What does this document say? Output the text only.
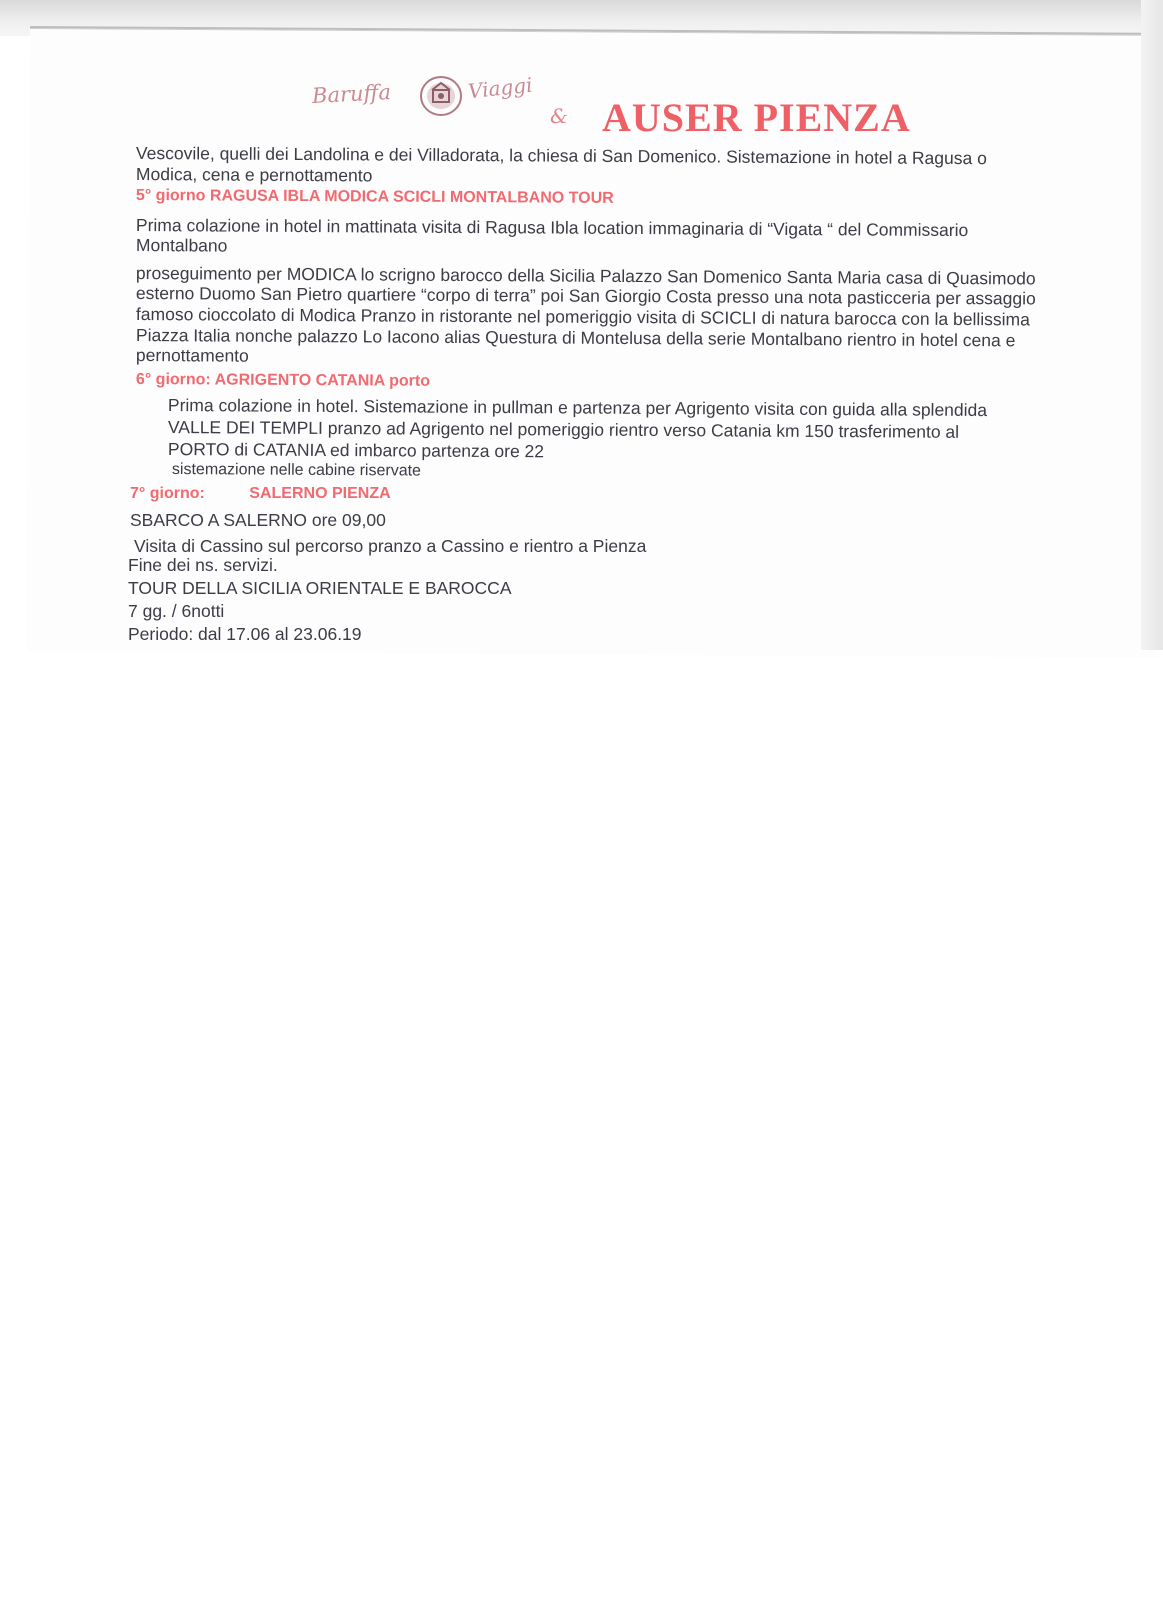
Baruffa	Viaggi
& AUSER PIENZA

Vescovile, quelli dei Landolina e dei Villadorata, la chiesa di San Domenico. Sistemazione in hotel a Ragusa o

Modica, cena e pernottamento

5° giorno RAGUSA IBLA MODICA SCICLI MONTALBANO TOUR

Prima colazione in hotel in mattinata visita di Ragusa Ibla location immaginaria di “Vigata “ del Commissario

Montalbano

proseguimento per MODICA lo scrigno barocco della Sicilia Palazzo San Domenico Santa Maria casa di Quasimodo

esterno Duomo San Pietro quartiere “corpo di terra” poi San Giorgio Costa presso una nota pasticceria per assaggio

famoso cioccolato di Modica Pranzo in ristorante nel pomeriggio visita di SCICLI di natura barocca con la bellissima

Piazza Italia nonche palazzo Lo Iacono alias Questura di Montelusa della serie Montalbano rientro in hotel cena e

pernottamento

6° giorno: AGRIGENTO CATANIA porto

Prima colazione in hotel. Sistemazione in pullman e partenza per Agrigento visita con guida alla splendida

VALLE DEI TEMPLI pranzo ad Agrigento nel pomeriggio rientro verso Catania km 150 trasferimento al

PORTO di CATANIA ed imbarco partenza ore 22

sistemazione nelle cabine riservate

7° giorno:	SALERNO PIENZA

SBARCO A SALERNO ore 09,00

Visita di Cassino sul percorso pranzo a Cassino e rientro a Pienza

Fine dei ns. servizi.

TOUR DELLA SICILIA ORIENTALE E BAROCCA

7 gg. / 6notti

Periodo: dal 17.06 al 23.06.19
